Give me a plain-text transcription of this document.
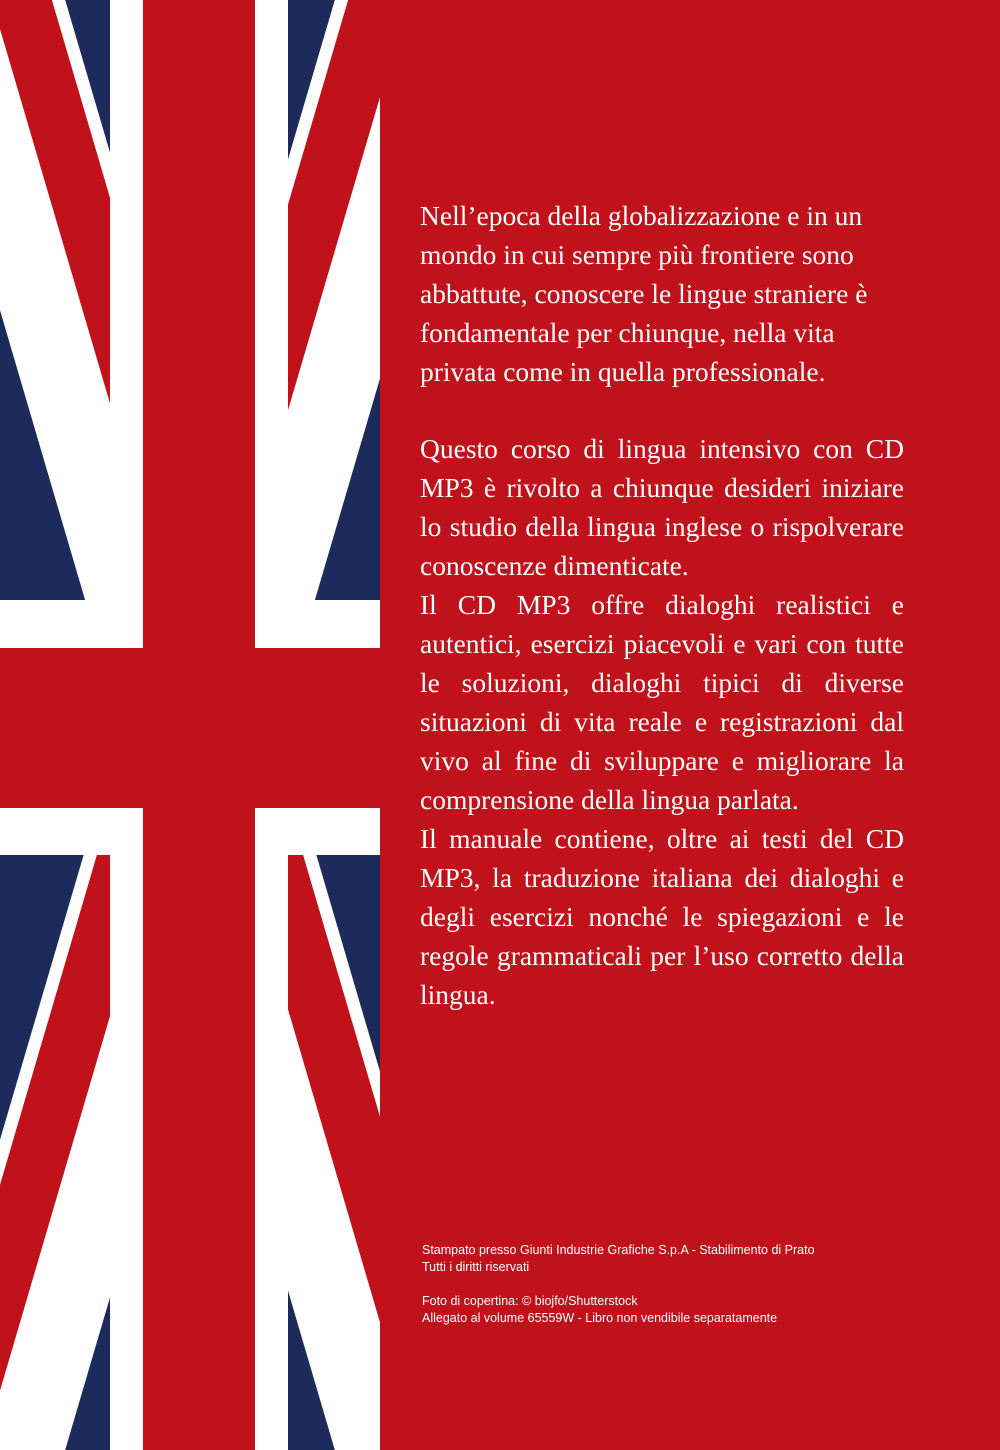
Nell’epoca della globalizzazione e in un mondo in cui sempre più frontiere sono abbattute, conoscere le lingue straniere è fondamentale per chiunque, nella vita privata come in quella professionale.

Questo corso di lingua intensivo con CD MP3 è rivolto a chiunque desideri iniziare lo studio della lingua inglese o rispolverare conoscenze dimenticate.

Il CD MP3 offre dialoghi realistici e autentici, esercizi piacevoli e vari con tutte le soluzioni, dialoghi tipici di diverse situazioni di vita reale e registrazioni dal vivo al fine di sviluppare e migliorare la comprensione della lingua parlata.

Il manuale contiene, oltre ai testi del CD MP3, la traduzione italiana dei dialoghi e degli esercizi nonché le spiegazioni e le regole grammaticali per l’uso corretto della lingua.

Stampato presso Giunti Industrie Grafiche S.p.A - Stabilimento di Prato
Tutti i diritti riservati
Foto di copertina: © biojfo/Shutterstock
Allegato al volume 65559W - Libro non vendibile separatamente
